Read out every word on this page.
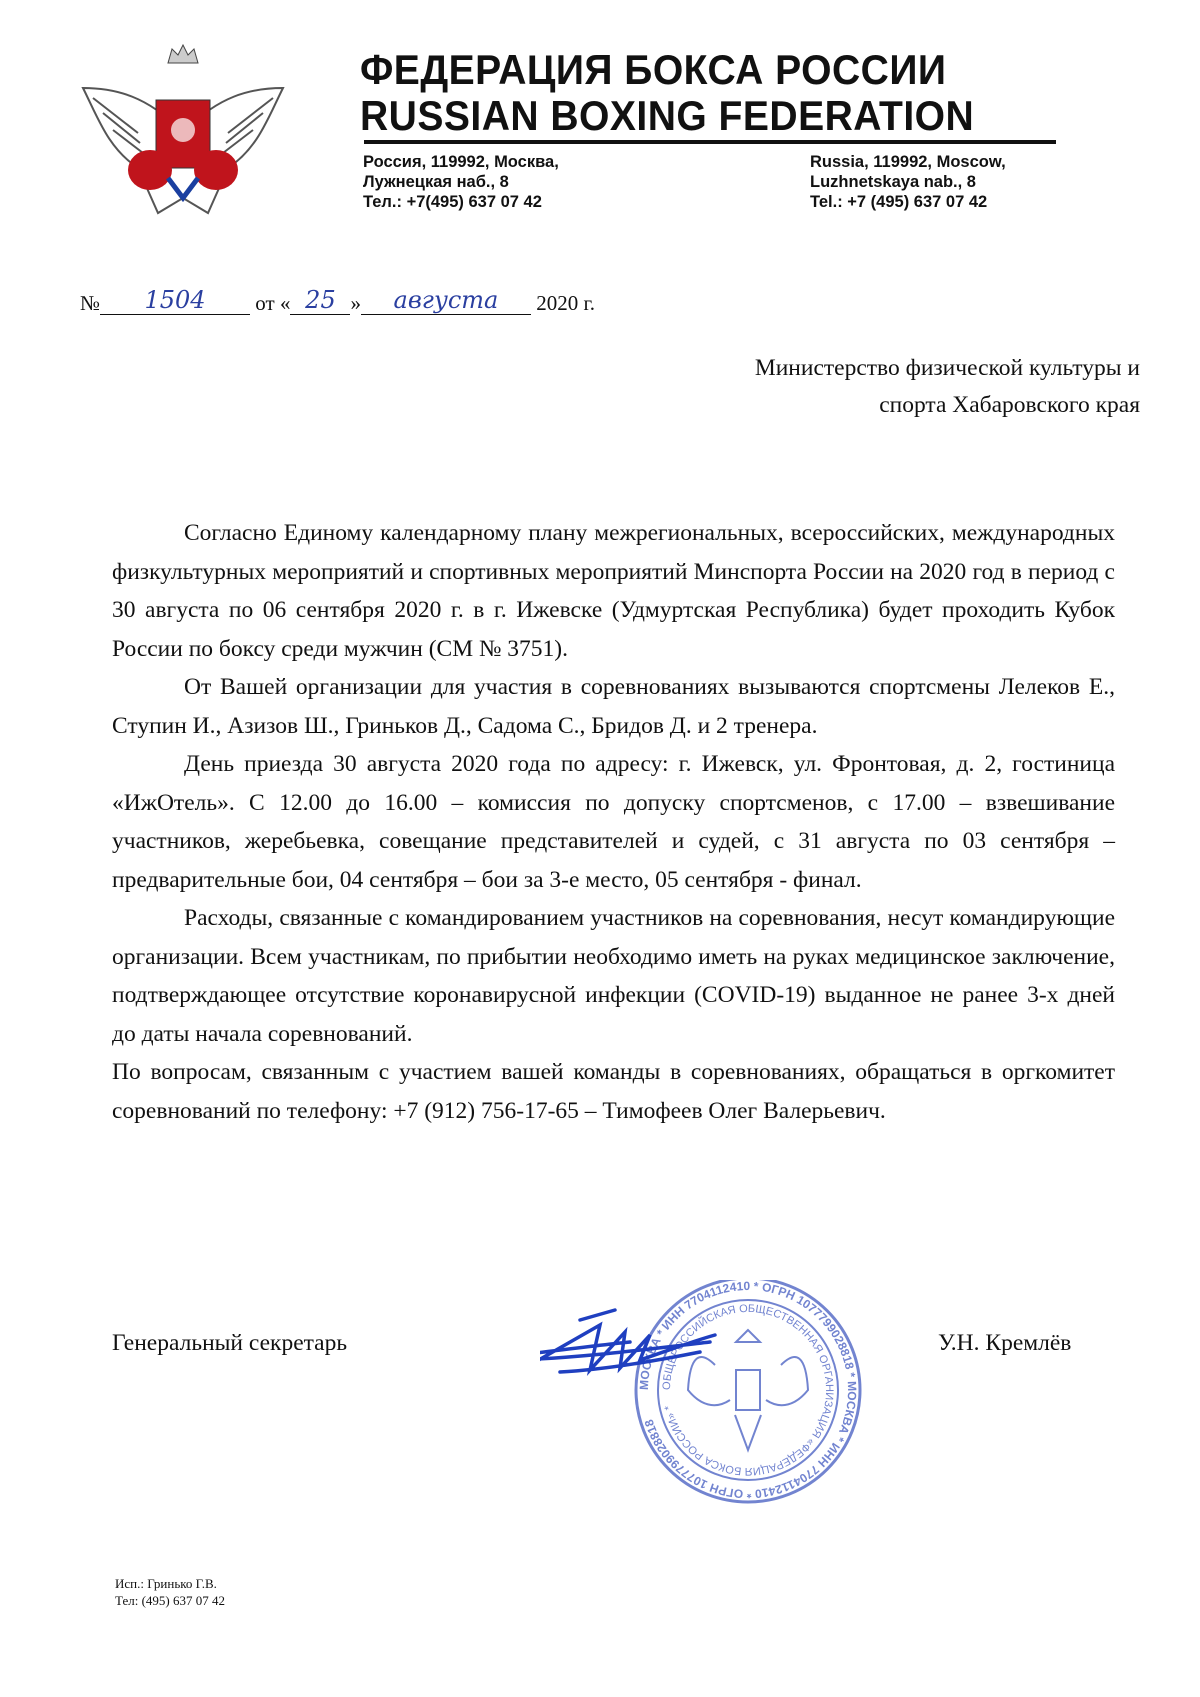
ФЕДЕРАЦИЯ БОКСА РОССИИ
RUSSIAN BOXING FEDERATION
Россия, 119992, Москва,
Лужнецкая наб., 8
Тел.: +7(495) 637 07 42
Russia, 119992, Moscow,
Luzhnetskaya nab., 8
Tel.: +7 (495) 637 07 42
№ 1504 от « 25 » августа 2020 г.
Министерство физической культуры и
спорта Хабаровского края

Согласно Единому календарному плану межрегиональных, всероссийских, международных физкультурных мероприятий и спортивных мероприятий Минспорта России на 2020 год в период с 30 августа по 06 сентября 2020 г. в г. Ижевске (Удмуртская Республика) будет проходить Кубок России по боксу среди мужчин (СМ № 3751).

От Вашей организации для участия в соревнованиях вызываются спортсмены Лелеков Е., Ступин И., Азизов Ш., Гриньков Д., Садома С., Бридов Д. и 2 тренера.

День приезда 30 августа 2020 года по адресу: г. Ижевск, ул. Фронтовая, д. 2, гостиница «ИжОтель». С 12.00 до 16.00 – комиссия по допуску спортсменов, с 17.00 – взвешивание участников, жеребьевка, совещание представителей и судей, с 31 августа по 03 сентября – предварительные бои, 04 сентября – бои за 3-е место, 05 сентября - финал.

Расходы, связанные с командированием участников на соревнования, несут командирующие организации. Всем участникам, по прибытии необходимо иметь на руках медицинское заключение, подтверждающее отсутствие коронавирусной инфекции (COVID-19) выданное не ранее 3-х дней до даты начала соревнований.

По вопросам, связанным с участием вашей команды в соревнованиях, обращаться в оргкомитет соревнований по телефону: +7 (912) 756-17-65 – Тимофеев Олег Валерьевич.

Генеральный секретарь	У.Н. Кремлёв
МОСКВА * ИНН 7704112410 * ОГРН 1077799028818 * МОСКВА * ИНН 7704112410 * ОГРН 1077799028818
ОБЩЕРОССИЙСКАЯ ОБЩЕСТВЕННАЯ ОРГАНИЗАЦИЯ «ФЕДЕРАЦИЯ БОКСА РОССИИ» *
Исп.: Гринько Г.В.
Тел: (495) 637 07 42
